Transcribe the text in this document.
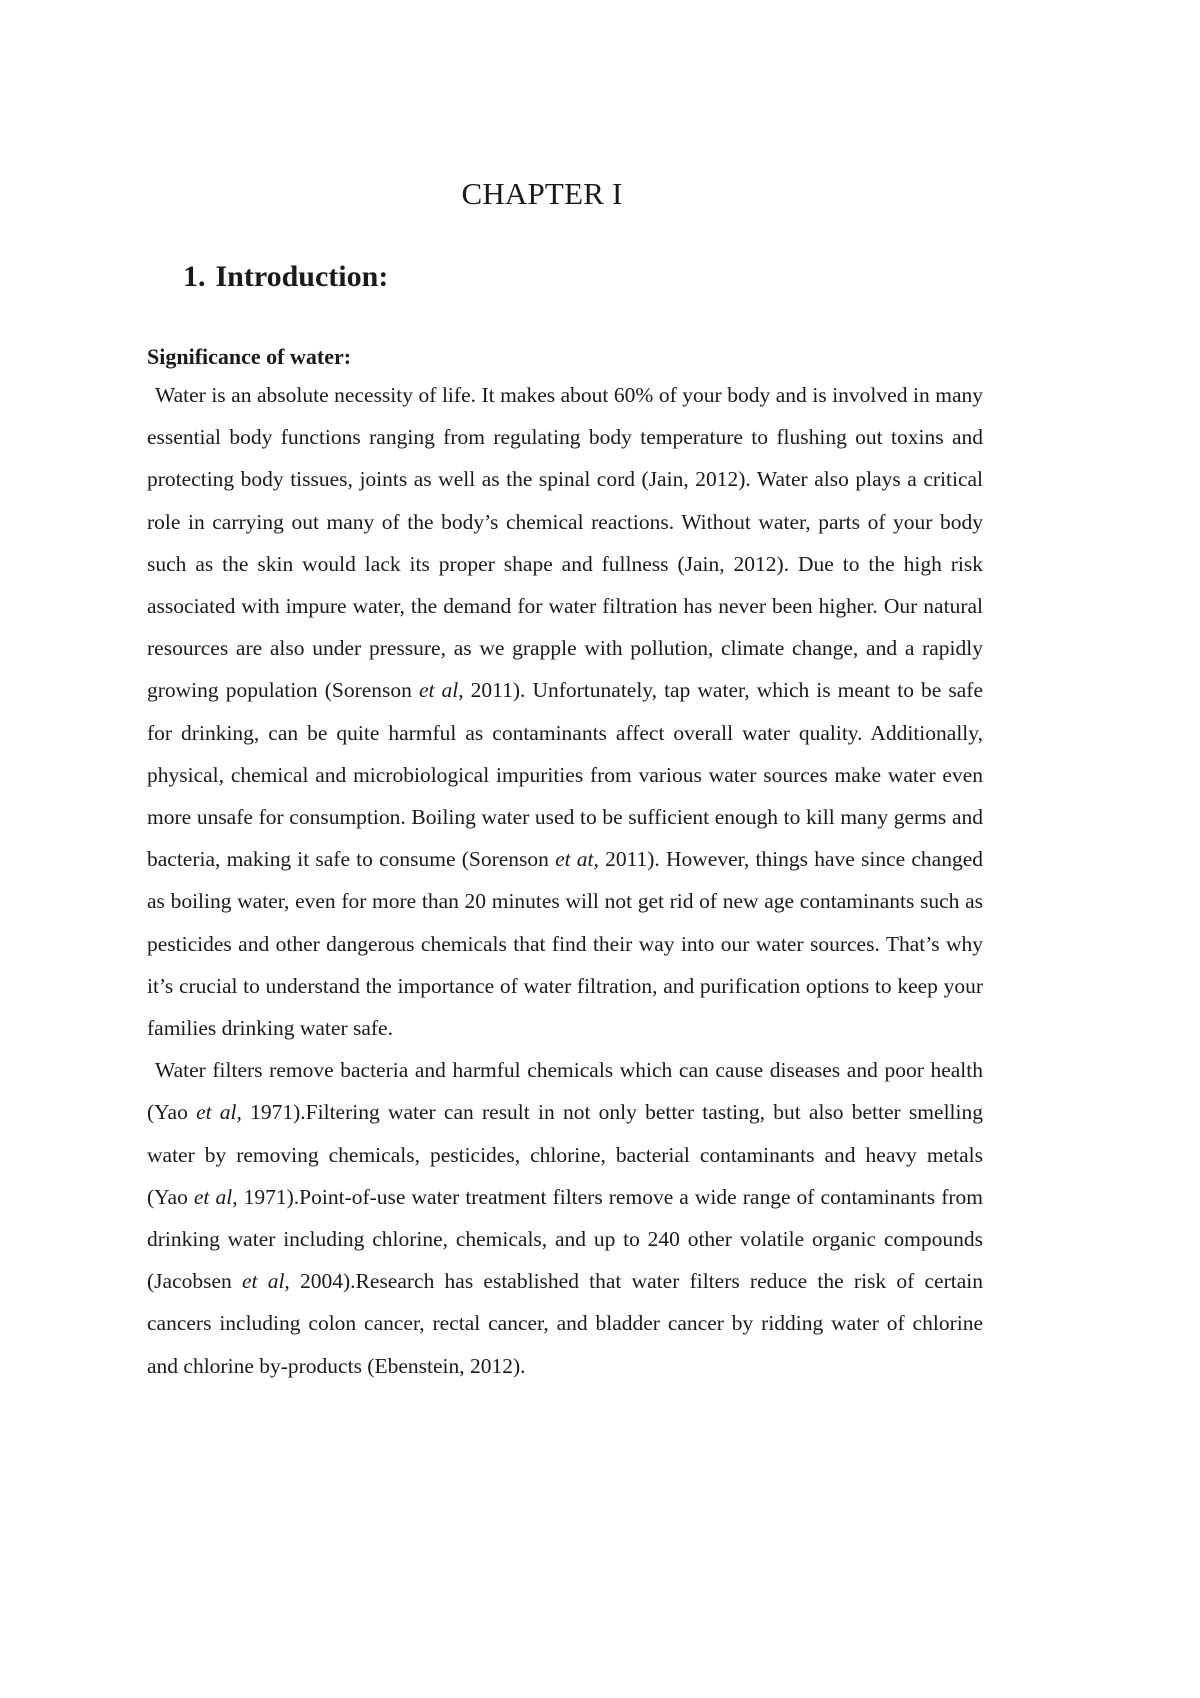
CHAPTER I
1. Introduction:
Significance of water:

Water is an absolute necessity of life. It makes about 60% of your body and is involved in many essential body functions ranging from regulating body temperature to flushing out toxins and protecting body tissues, joints as well as the spinal cord (Jain, 2012). Water also plays a critical role in carrying out many of the body’s chemical reactions. Without water, parts of your body such as the skin would lack its proper shape and fullness (Jain, 2012). Due to the high risk associated with impure water, the demand for water filtration has never been higher. Our natural resources are also under pressure, as we grapple with pollution, climate change, and a rapidly growing population (Sorenson et al, 2011). Unfortunately, tap water, which is meant to be safe for drinking, can be quite harmful as contaminants affect overall water quality. Additionally, physical, chemical and microbiological impurities from various water sources make water even more unsafe for consumption. Boiling water used to be sufficient enough to kill many germs and bacteria, making it safe to consume (Sorenson et at, 2011). However, things have since changed as boiling water, even for more than 20 minutes will not get rid of new age contaminants such as pesticides and other dangerous chemicals that find their way into our water sources. That’s why it’s crucial to understand the importance of water filtration, and purification options to keep your families drinking water safe.

Water filters remove bacteria and harmful chemicals which can cause diseases and poor health (Yao et al, 1971).Filtering water can result in not only better tasting, but also better smelling water by removing chemicals, pesticides, chlorine, bacterial contaminants and heavy metals (Yao et al, 1971).Point-of-use water treatment filters remove a wide range of contaminants from drinking water including chlorine, chemicals, and up to 240 other volatile organic compounds (Jacobsen et al, 2004).Research has established that water filters reduce the risk of certain cancers including colon cancer, rectal cancer, and bladder cancer by ridding water of chlorine and chlorine by-products (Ebenstein, 2012).
